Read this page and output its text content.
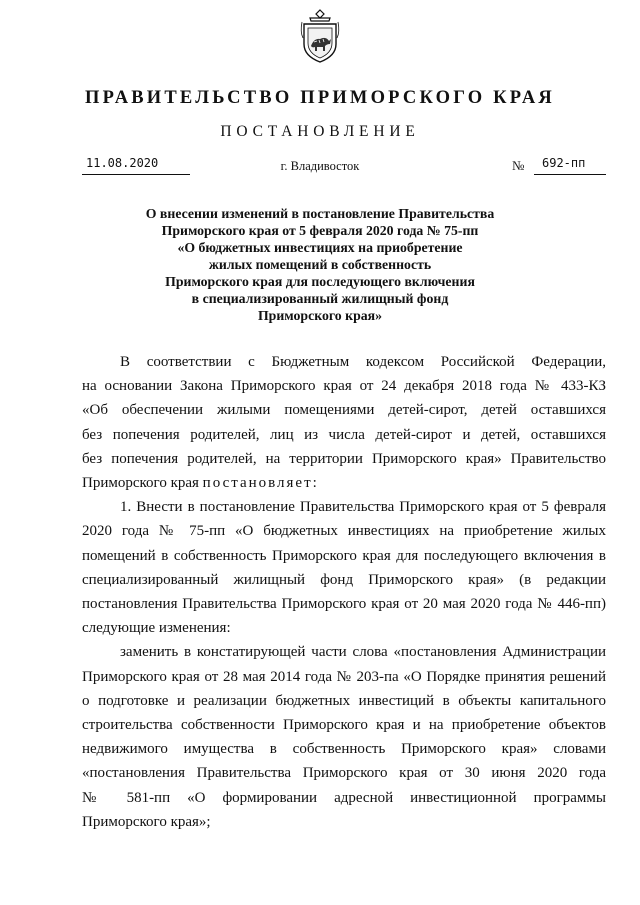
ПРАВИТЕЛЬСТВО ПРИМОРСКОГО КРАЯ
ПОСТАНОВЛЕНИЕ
11.08.2020	г. Владивосток	№ 692-пп
О внесении изменений в постановление Правительства
Приморского края от 5 февраля 2020 года № 75-пп
«О бюджетных инвестициях на приобретение
жилых помещений в собственность
Приморского края для последующего включения
в специализированный жилищный фонд
Приморского края»
В соответствии с Бюджетным кодексом Российской Федерации,
на основании Закона Приморского края от 24 декабря 2018 года № 433-КЗ
«Об обеспечении жилыми помещениями детей-сирот, детей оставшихся
без попечения родителей, лиц из числа детей-сирот и детей, оставшихся
без попечения родителей, на территории Приморского края» Правительство
Приморского края постановляет:
1. Внести в постановление Правительства Приморского края от 5 февраля
2020 года № 75-пп «О бюджетных инвестициях на приобретение жилых
помещений в собственность Приморского края для последующего включения в
специализированный жилищный фонд Приморского края» (в редакции
постановления Правительства Приморского края от 20 мая 2020 года № 446-пп)
следующие изменения:
заменить в констатирующей части слова «постановления Администрации
Приморского края от 28 мая 2014 года № 203-па «О Порядке принятия решений
о подготовке и реализации бюджетных инвестиций в объекты капитального
строительства собственности Приморского края и на приобретение объектов
недвижимого имущества в собственность Приморского края» словами
«постановления Правительства Приморского края от 30 июня 2020 года
№ 581-пп «О формировании адресной инвестиционной программы
Приморского края»;
